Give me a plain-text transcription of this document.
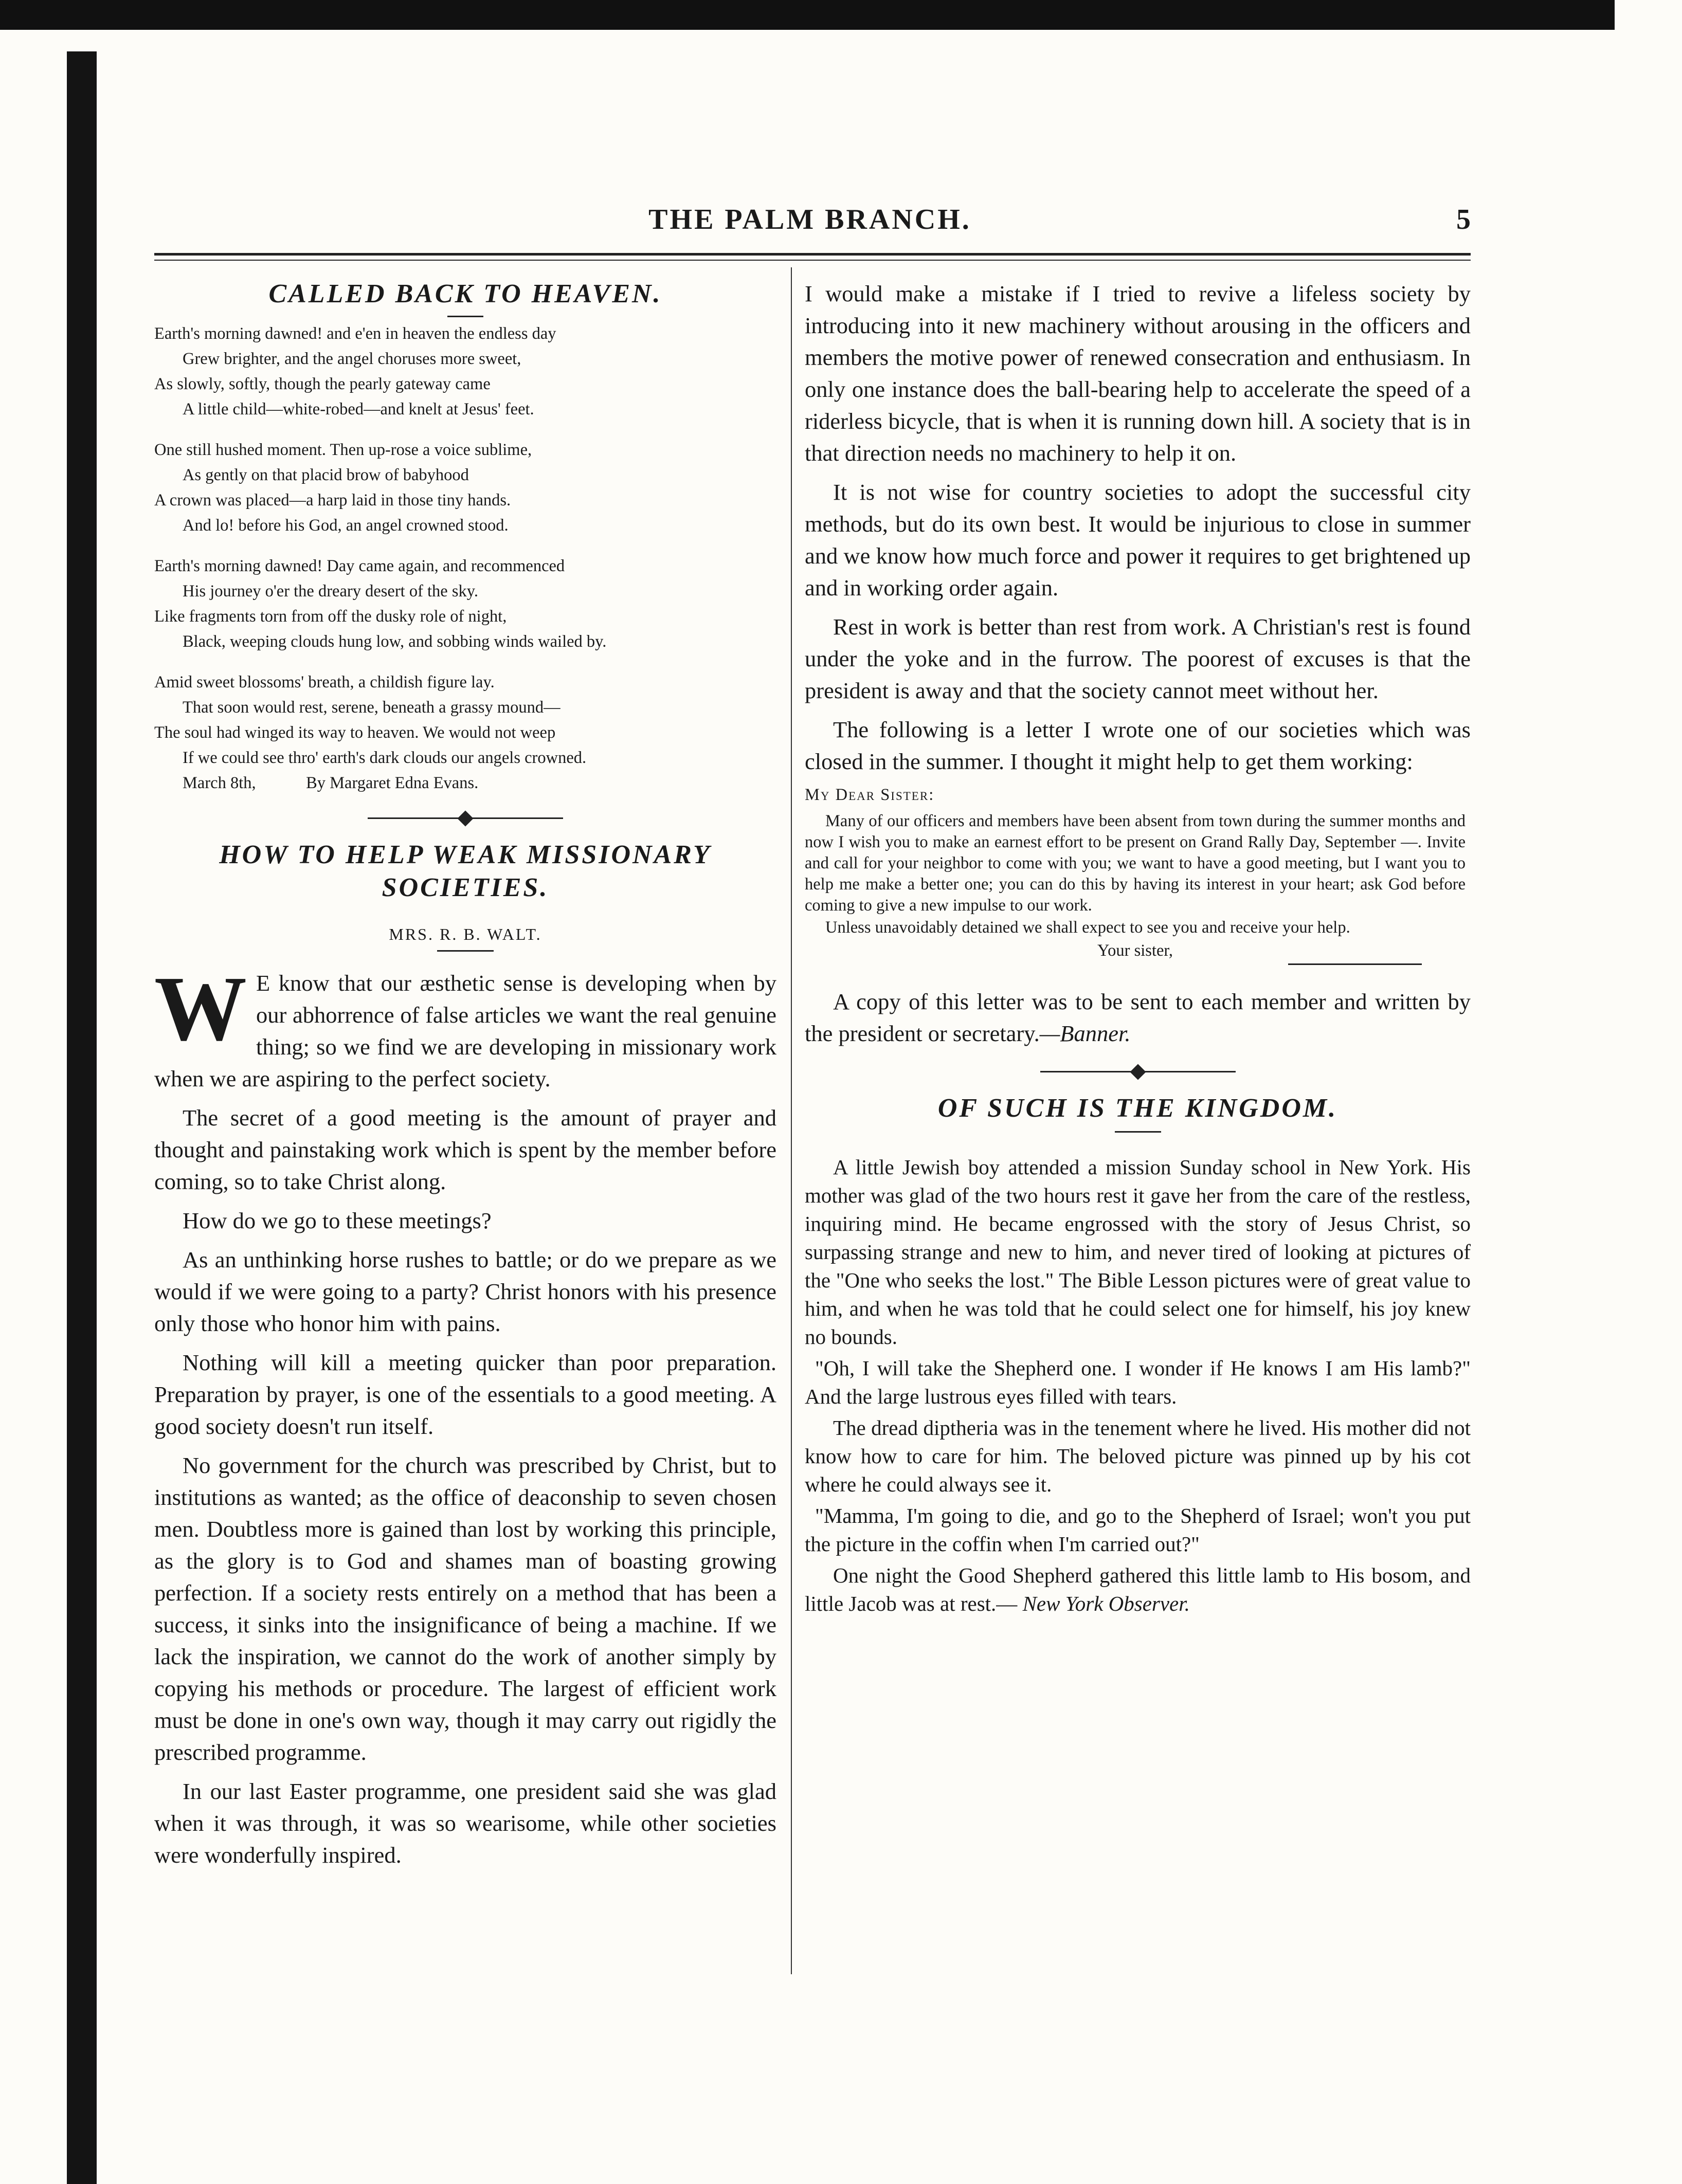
THE PALM BRANCH.	5
CALLED BACK TO HEAVEN.
Earth's morning dawned! and e'en in heaven the endless day
Grew brighter, and the angel choruses more sweet,
As slowly, softly, though the pearly gateway came
A little child—white-robed—and knelt at Jesus' feet.
One still hushed moment. Then up-rose a voice sublime,
As gently on that placid brow of babyhood
A crown was placed—a harp laid in those tiny hands.
And lo! before his God, an angel crowned stood.
Earth's morning dawned! Day came again, and recommenced
His journey o'er the dreary desert of the sky.
Like fragments torn from off the dusky role of night,
Black, weeping clouds hung low, and sobbing winds wailed by.
Amid sweet blossoms' breath, a childish figure lay.
That soon would rest, serene, beneath a grassy mound—
The soul had winged its way to heaven. We would not weep
If we could see thro' earth's dark clouds our angels crowned.
March 8th,	By Margaret Edna Evans.
HOW TO HELP WEAK MISSIONARY
SOCIETIES.
MRS. R. B. WALT.

W E know that our æsthetic sense is developing when by our abhorrence of false articles we want the real genuine thing; so we find we are developing in missionary work when we are aspiring to the perfect society.

The secret of a good meeting is the amount of prayer and thought and painstaking work which is spent by the member before coming, so to take Christ along.

How do we go to these meetings?

As an unthinking horse rushes to battle; or do we prepare as we would if we were going to a party? Christ honors with his presence only those who honor him with pains.

Nothing will kill a meeting quicker than poor preparation. Preparation by prayer, is one of the essentials to a good meeting. A good society doesn't run itself.

No government for the church was prescribed by Christ, but to institutions as wanted; as the office of deaconship to seven chosen men. Doubtless more is gained than lost by working this principle, as the glory is to God and shames man of boasting growing perfection. If a society rests entirely on a method that has been a success, it sinks into the insignificance of being a machine. If we lack the inspiration, we cannot do the work of another simply by copying his methods or procedure. The largest of efficient work must be done in one's own way, though it may carry out rigidly the prescribed programme.

In our last Easter programme, one president said she was glad when it was through, it was so wearisome, while other societies were wonderfully inspired.

I would make a mistake if I tried to revive a lifeless society by introducing into it new machinery without arousing in the officers and members the motive power of renewed consecration and enthusiasm. In only one instance does the ball-bearing help to accelerate the speed of a riderless bicycle, that is when it is running down hill. A society that is in that direction needs no machinery to help it on.

It is not wise for country societies to adopt the successful city methods, but do its own best. It would be injurious to close in summer and we know how much force and power it requires to get brightened up and in working order again.

Rest in work is better than rest from work. A Christian's rest is found under the yoke and in the furrow. The poorest of excuses is that the president is away and that the society cannot meet without her.

The following is a letter I wrote one of our societies which was closed in the summer. I thought it might help to get them working:

My Dear Sister:

Many of our officers and members have been absent from town during the summer months and now I wish you to make an earnest effort to be present on Grand Rally Day, September —. Invite and call for your neighbor to come with you; we want to have a good meeting, but I want you to help me make a better one; you can do this by having its interest in your heart; ask God before coming to give a new impulse to our work.

Unless unavoidably detained we shall expect to see you and receive your help.

Your sister,

A copy of this letter was to be sent to each member and written by the president or secretary.—Banner.

OF SUCH IS THE KINGDOM.

A little Jewish boy attended a mission Sunday school in New York. His mother was glad of the two hours rest it gave her from the care of the restless, inquiring mind. He became engrossed with the story of Jesus Christ, so surpassing strange and new to him, and never tired of looking at pictures of the "One who seeks the lost." The Bible Lesson pictures were of great value to him, and when he was told that he could select one for himself, his joy knew no bounds.

"Oh, I will take the Shepherd one. I wonder if He knows I am His lamb?" And the large lustrous eyes filled with tears.

The dread diptheria was in the tenement where he lived. His mother did not know how to care for him. The beloved picture was pinned up by his cot where he could always see it.

"Mamma, I'm going to die, and go to the Shepherd of Israel; won't you put the picture in the coffin when I'm carried out?"

One night the Good Shepherd gathered this little lamb to His bosom, and little Jacob was at rest.— New York Observer.
